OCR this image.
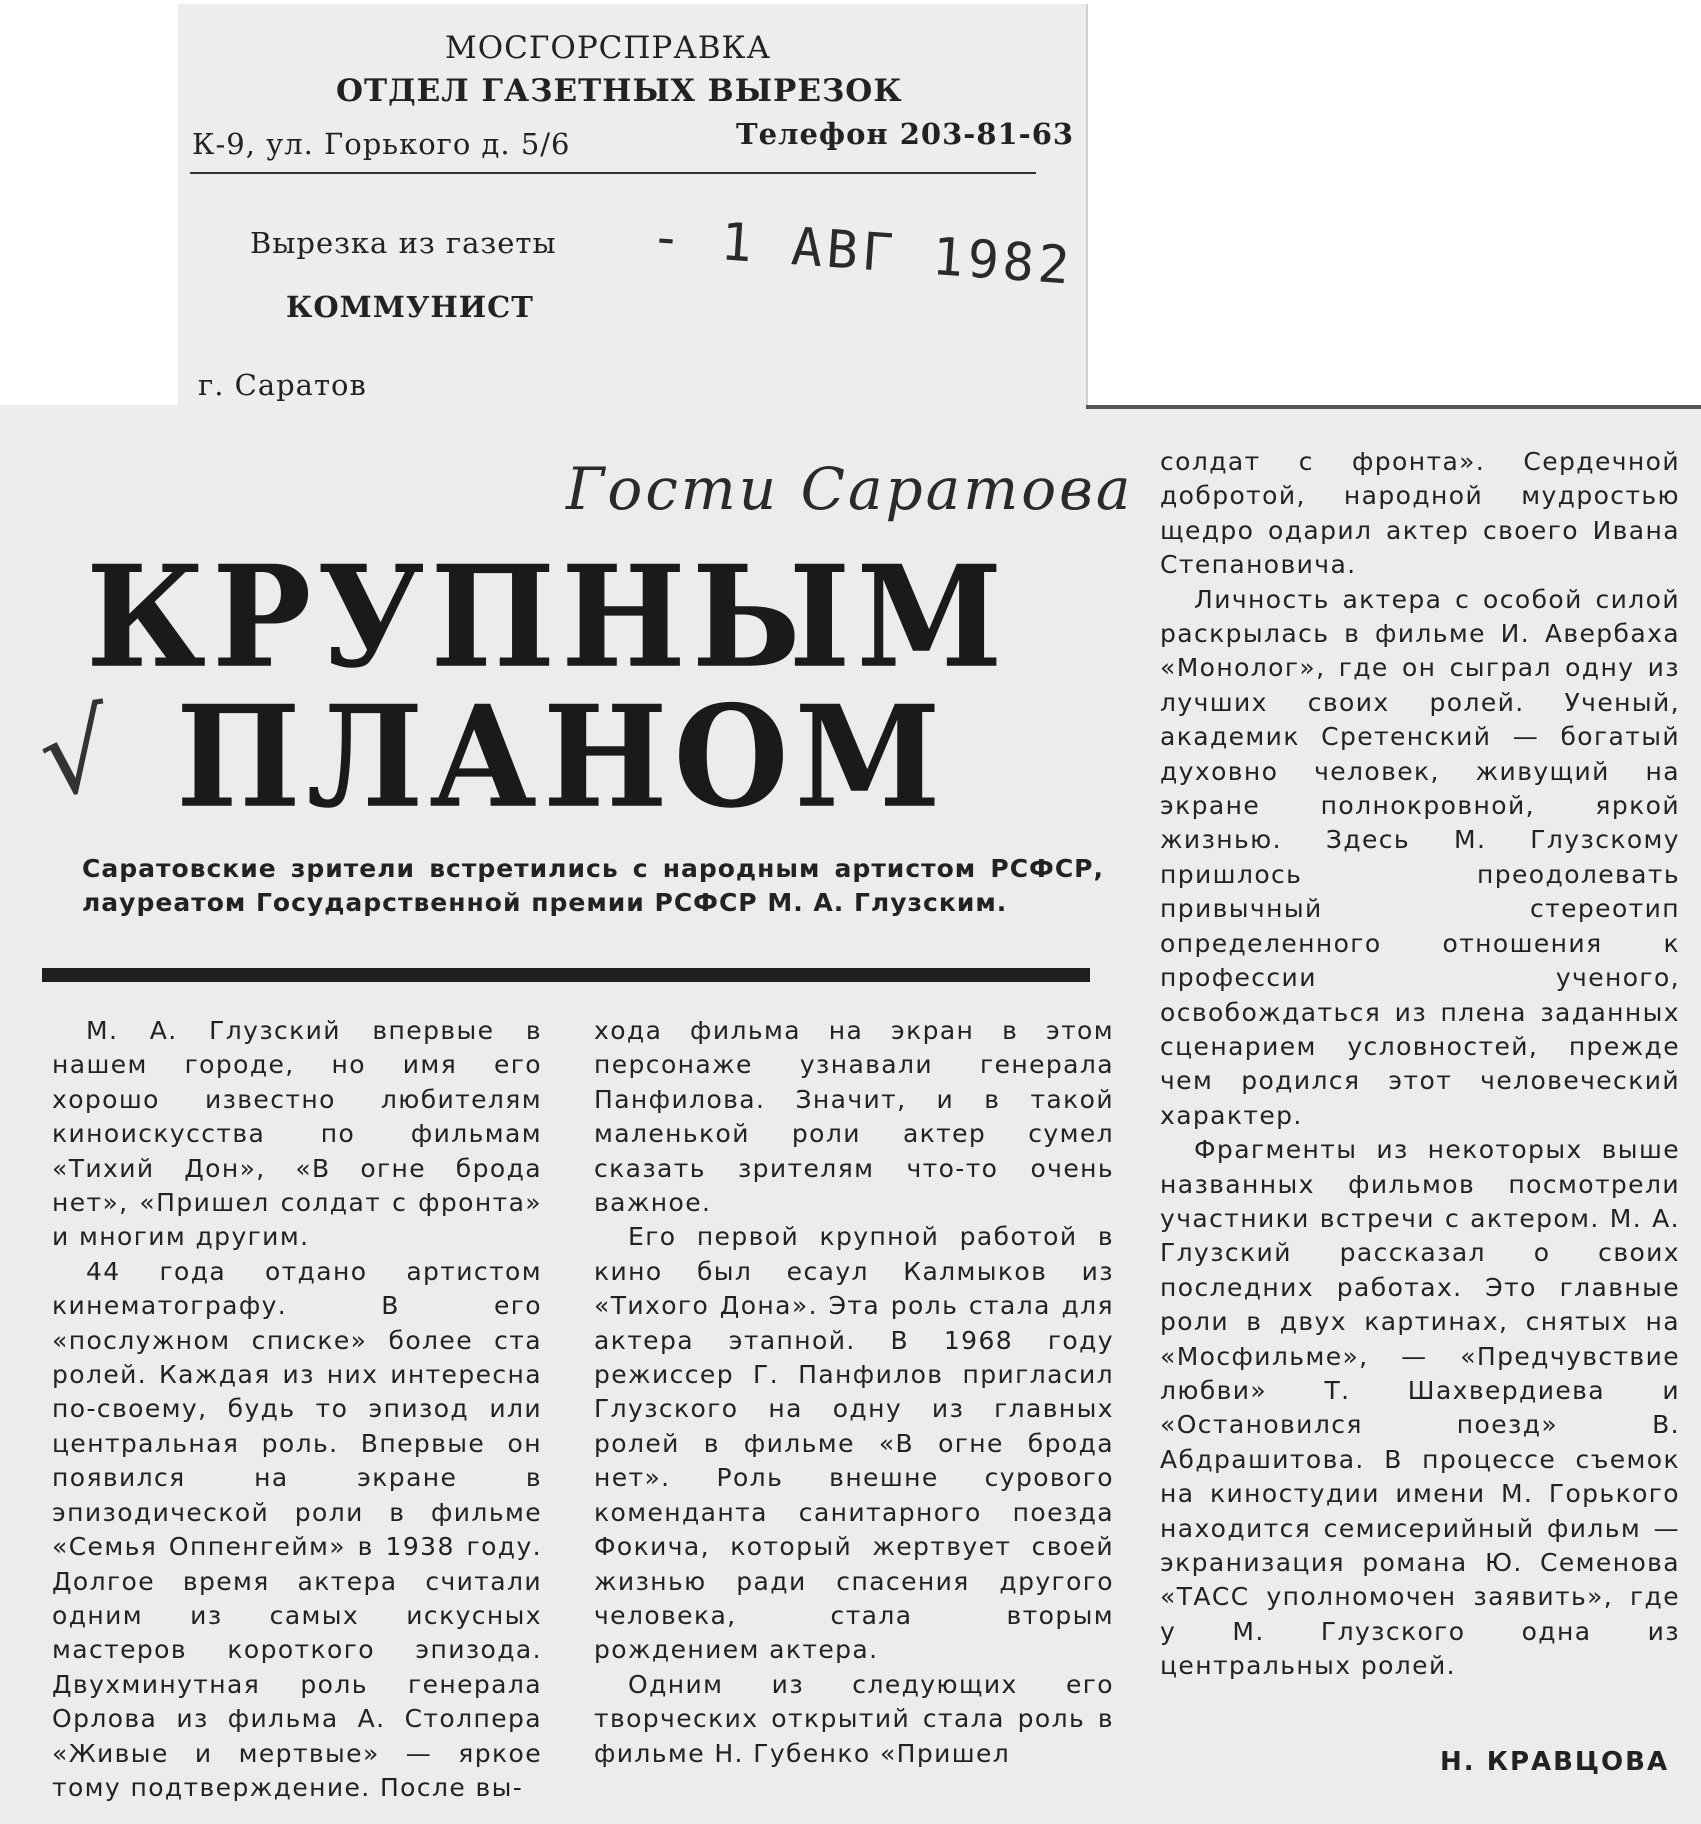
МОСГОРСПРАВКА
ОТДЕЛ ГАЗЕТНЫХ ВЫРЕЗОК
К-9, ул. Горького д. 5/6	Телефон 203-81-63
Вырезка из газеты
КОММУНИСТ
г. Саратов
- 1 АВГ 1982
Гости Саратова
КРУПНЫМ
ПЛАНОМ
√
Саратовские зрители встретились с народным артистом РСФСР, лауреатом Государственной премии РСФСР М. А. Глузским.

М. А. Глузский впервые в нашем городе, но имя его хорошо известно любителям киноискусства по фильмам «Тихий Дон», «В огне брода нет», «Пришел солдат с фронта» и многим другим.

44 года отдано артистом кинематографу. В его «послужном списке» более ста ролей. Каждая из них интересна по-своему, будь то эпизод или центральная роль. Впервые он появился на экране в эпизодической роли в фильме «Семья Оппенгейм» в 1938 году. Долгое время актера считали одним из самых искусных мастеров короткого эпизода. Двухминутная роль генерала Орлова из фильма А. Столпера «Живые и мертвые» — яркое тому подтверждение. После вы-

хода фильма на экран в этом персонаже узнавали генерала Панфилова. Значит, и в такой маленькой роли актер сумел сказать зрителям что-то очень важное.

Его первой крупной работой в кино был есаул Калмыков из «Тихого Дона». Эта роль стала для актера этапной. В 1968 году режиссер Г. Панфилов пригласил Глузского на одну из главных ролей в фильме «В огне брода нет». Роль внешне сурового коменданта санитарного поезда Фокича, который жертвует своей жизнью ради спасения другого человека, стала вторым рождением актера.

Одним из следующих его творческих открытий стала роль в фильме Н. Губенко «Пришел

солдат с фронта». Сердечной добротой, народной мудростью щедро одарил актер своего Ивана Степановича.

Личность актера с особой силой раскрылась в фильме И. Авербаха «Монолог», где он сыграл одну из лучших своих ролей. Ученый, академик Сретенский — богатый духовно человек, живущий на экране полнокровной, яркой жизнью. Здесь М. Глузскому пришлось преодолевать привычный стереотип определенного отношения к профессии ученого, освобождаться из плена заданных сценарием условностей, прежде чем родился этот человеческий характер.

Фрагменты из некоторых выше названных фильмов посмотрели участники встречи с актером. М. А. Глузский рассказал о своих последних работах. Это главные роли в двух картинах, снятых на «Мосфильме», — «Предчувствие любви» Т. Шахвердиева и «Остановился поезд» В. Абдрашитова. В процессе съемок на киностудии имени М. Горького находится семисерийный фильм — экранизация романа Ю. Семенова «ТАСС уполномочен заявить», где у М. Глузского одна из центральных ролей.

Н. КРАВЦОВА
